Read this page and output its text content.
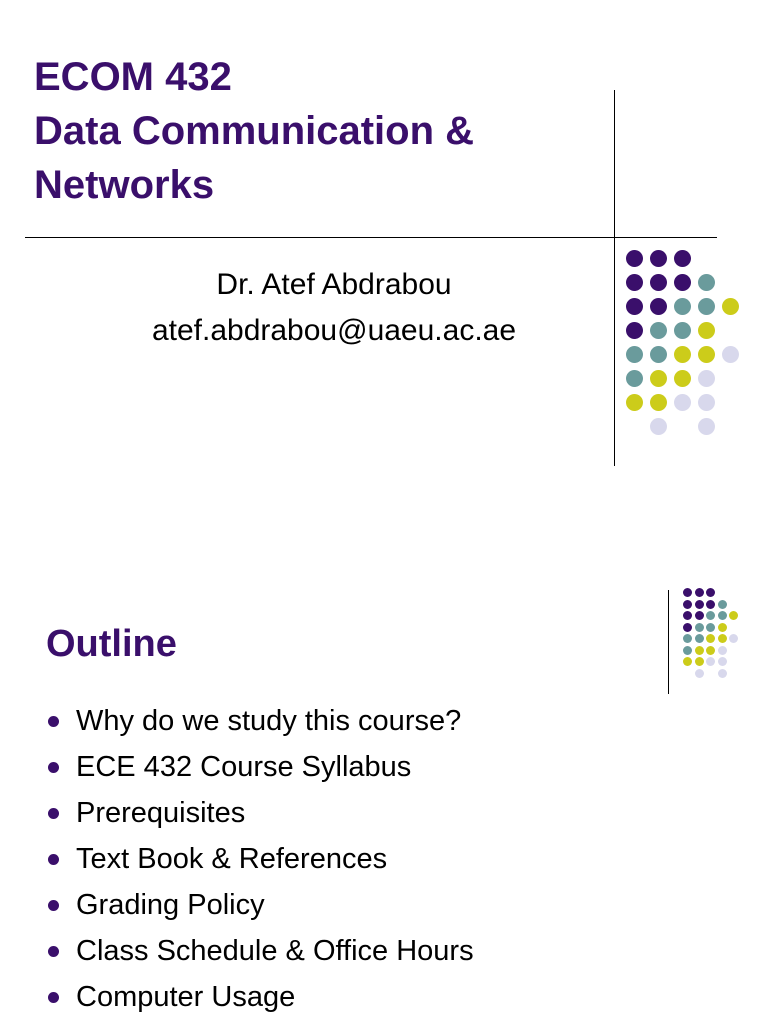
ECOM 432
Data Communication &
Networks
Dr. Atef Abdrabou
atef.abdrabou@uaeu.ac.ae
Outline
Why do we study this course?
ECE 432 Course Syllabus
Prerequisites
Text Book & References
Grading Policy
Class Schedule & Office Hours
Computer Usage
